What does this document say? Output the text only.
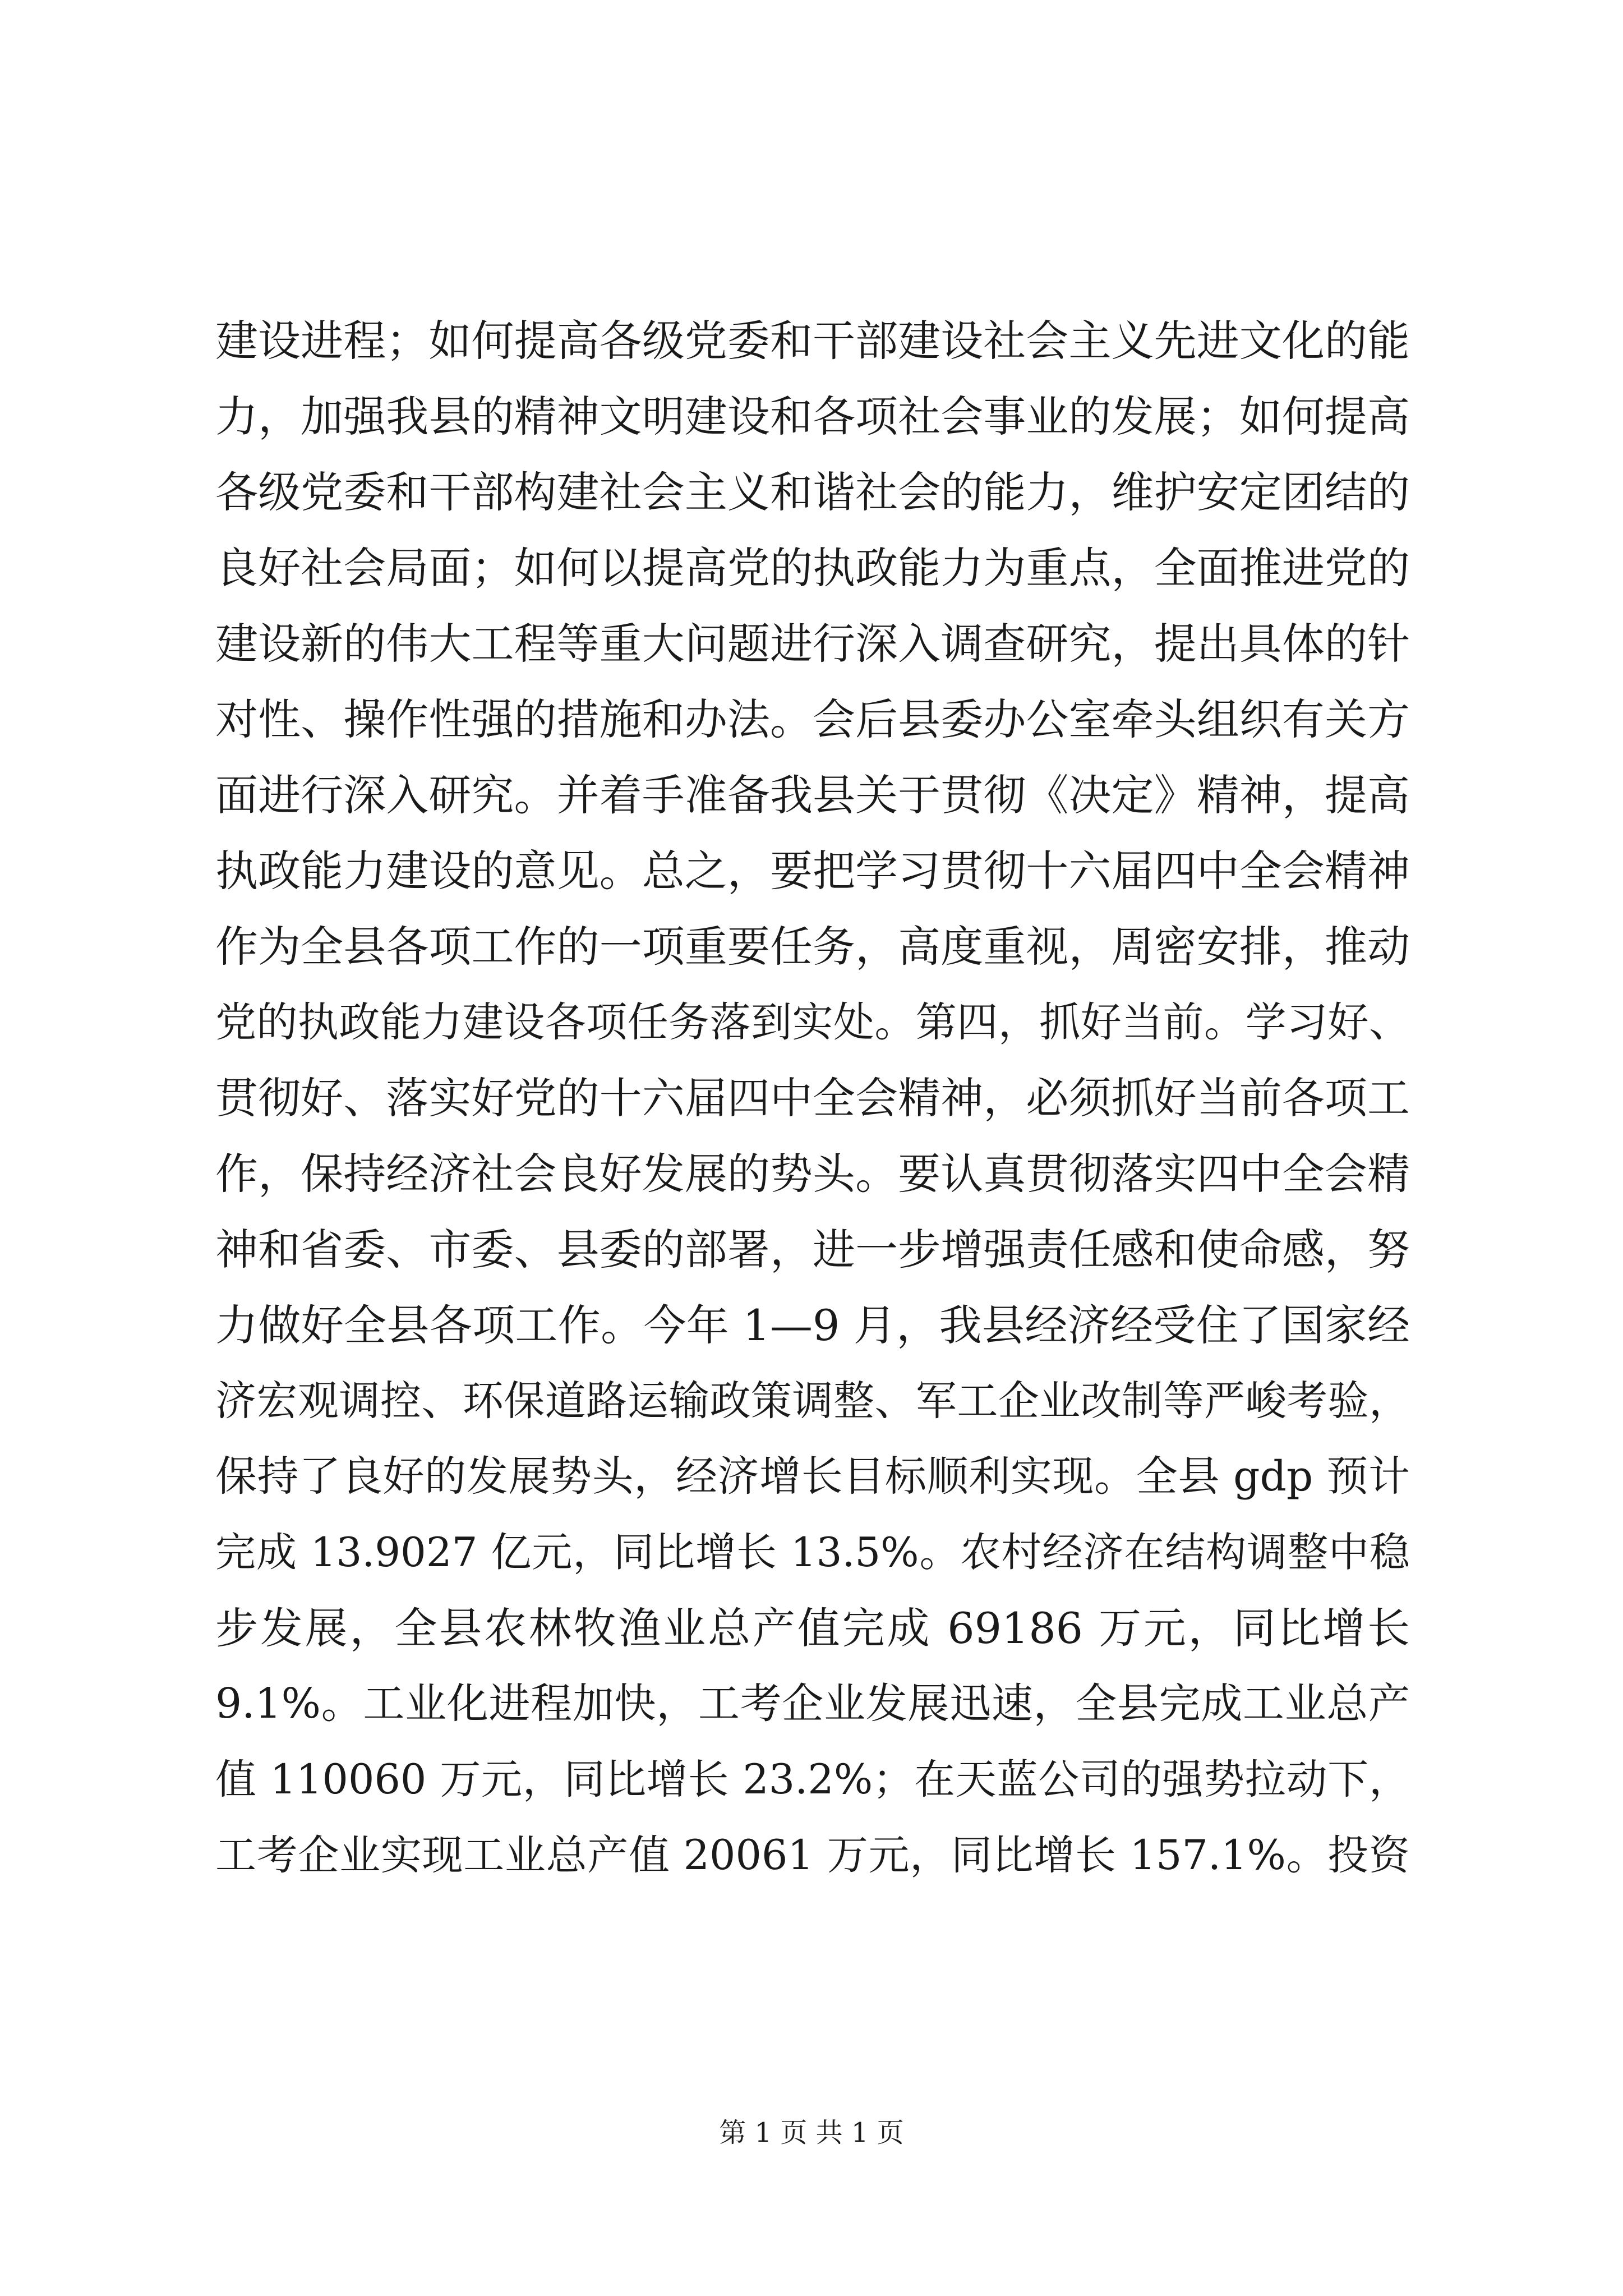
建设进程；如何提高各级党委和干部建设社会主义先进文化的能
力，加强我县的精神文明建设和各项社会事业的发展；如何提高
各级党委和干部构建社会主义和谐社会的能力，维护安定团结的
良好社会局面；如何以提高党的执政能力为重点，全面推进党的
建设新的伟大工程等重大问题进行深入调查研究，提出具体的针
对性、操作性强的措施和办法。会后县委办公室牵头组织有关方
面进行深入研究。并着手准备我县关于贯彻《决定》精神，提高
执政能力建设的意见。总之，要把学习贯彻十六届四中全会精神
作为全县各项工作的一项重要任务，高度重视，周密安排，推动
党的执政能力建设各项任务落到实处。第四，抓好当前。学习好、
贯彻好、落实好党的十六届四中全会精神，必须抓好当前各项工
作，保持经济社会良好发展的势头。要认真贯彻落实四中全会精
神和省委、市委、县委的部署，进一步增强责任感和使命感，努
力做好全县各项工作。今年 1—9 月，我县经济经受住了国家经
济宏观调控、环保道路运输政策调整、军工企业改制等严峻考验，
保持了良好的发展势头，经济增长目标顺利实现。全县 gdp 预计
完成 13.9027 亿元，同比增长 13.5%。农村经济在结构调整中稳
步发展，全县农林牧渔业总产值完成 69186 万元，同比增长
9.1%。工业化进程加快，工考企业发展迅速，全县完成工业总产
值 110060 万元，同比增长 23.2%；在天蓝公司的强势拉动下，
工考企业实现工业总产值 20061 万元，同比增长 157.1%。投资
第 1 页 共 1 页
